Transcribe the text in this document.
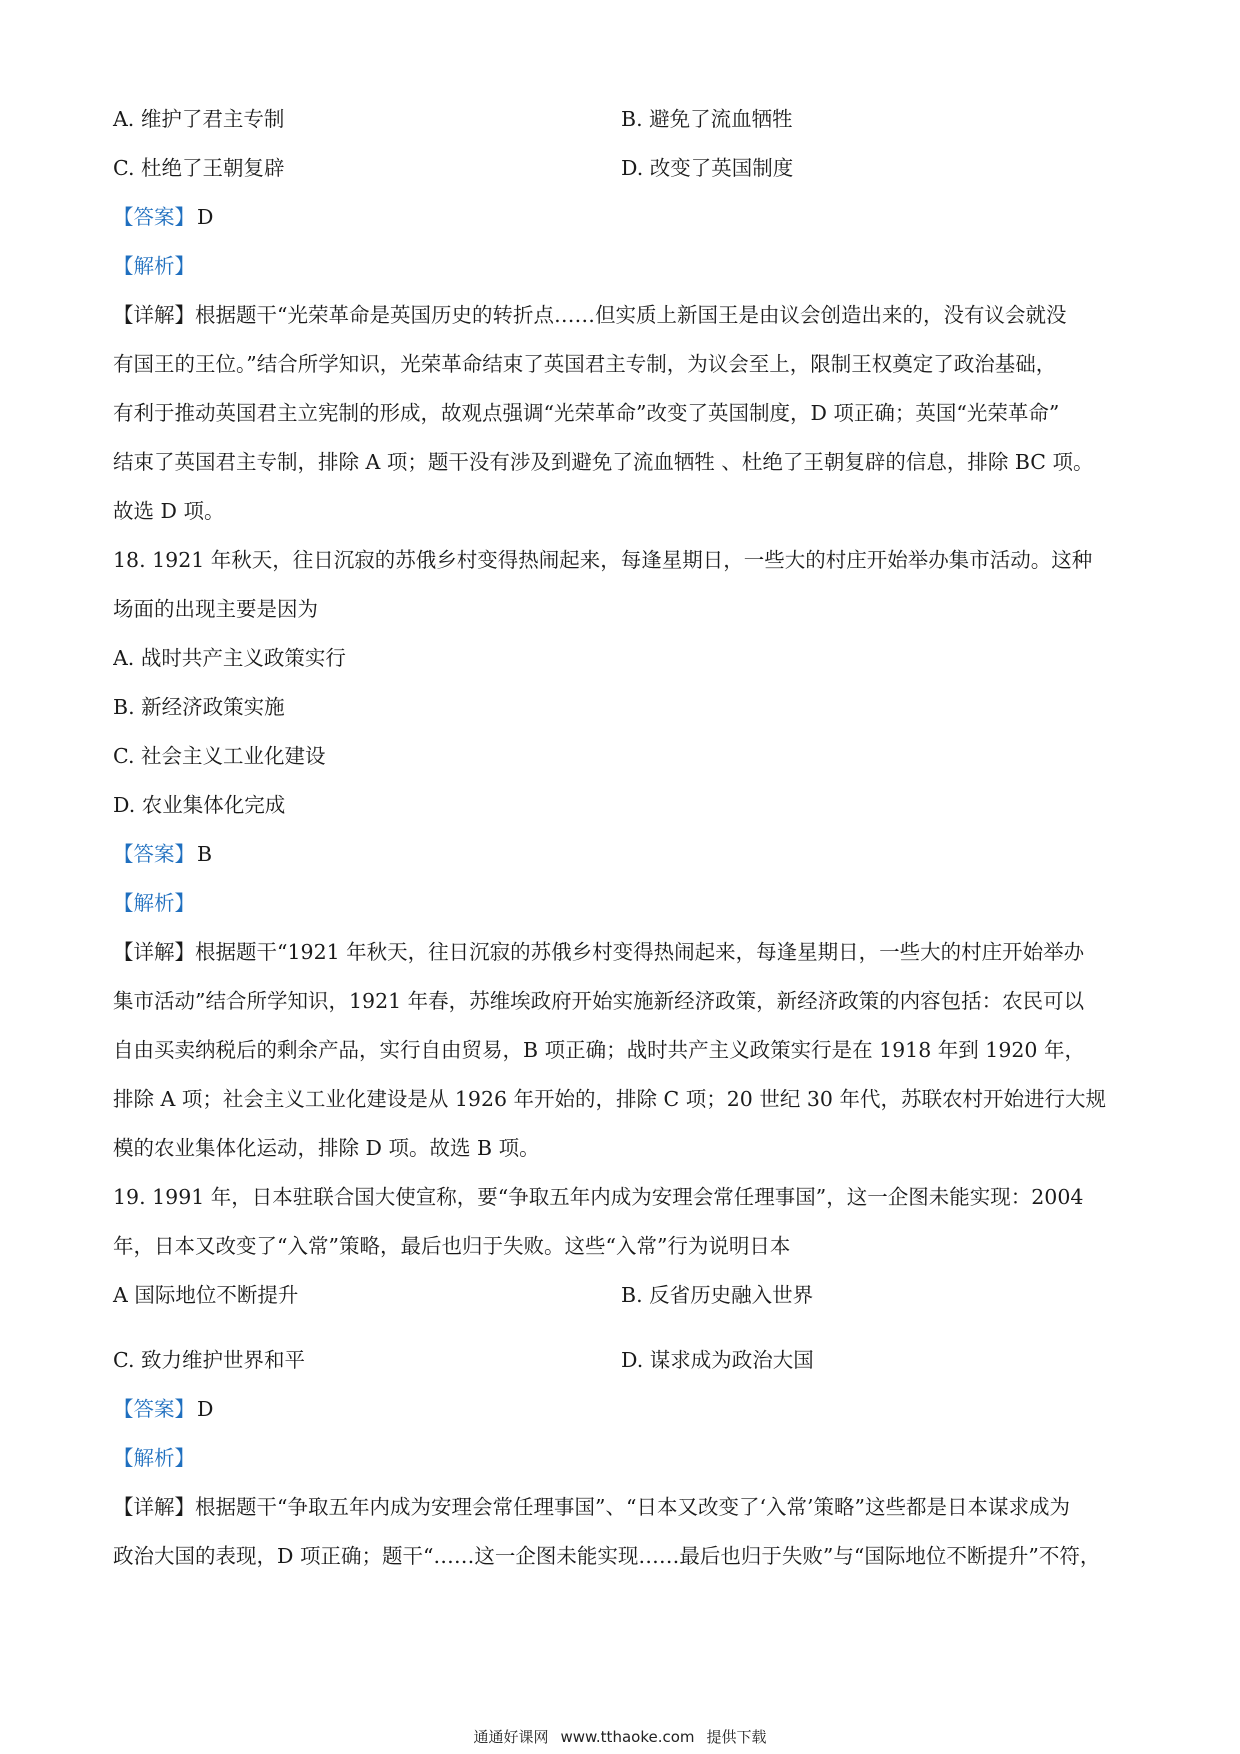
A. 维护了君主专制	B. 避免了流血牺牲
C. 杜绝了王朝复辟	D. 改变了英国制度
【答案】D
【解析】
【详解】根据题干“光荣革命是英国历史的转折点……但实质上新国王是由议会创造出来的，没有议会就没
有国王的王位。”结合所学知识，光荣革命结束了英国君主专制，为议会至上，限制王权奠定了政治基础，
有利于推动英国君主立宪制的形成，故观点强调“光荣革命”改变了英国制度，D 项正确；英国“光荣革命”
结束了英国君主专制，排除 A 项；题干没有涉及到避免了流血牺牲 、杜绝了王朝复辟的信息，排除 BC 项。
故选 D 项。
18. 1921 年秋天，往日沉寂的苏俄乡村变得热闹起来，每逢星期日，一些大的村庄开始举办集市活动。这种
场面的出现主要是因为
A. 战时共产主义政策实行
B. 新经济政策实施
C. 社会主义工业化建设
D. 农业集体化完成
【答案】B
【解析】
【详解】根据题干“1921 年秋天，往日沉寂的苏俄乡村变得热闹起来，每逢星期日，一些大的村庄开始举办
集市活动”结合所学知识，1921 年春，苏维埃政府开始实施新经济政策，新经济政策的内容包括：农民可以
自由买卖纳税后的剩余产品，实行自由贸易，B 项正确；战时共产主义政策实行是在 1918 年到 1920 年，
排除 A 项；社会主义工业化建设是从 1926 年开始的，排除 C 项；20 世纪 30 年代，苏联农村开始进行大规
模的农业集体化运动，排除 D 项。故选 B 项。
19. 1991 年，日本驻联合国大使宣称，要“争取五年内成为安理会常任理事国”，这一企图未能实现：2004
年，日本又改变了“入常”策略，最后也归于失败。这些“入常”行为说明日本
A 国际地位不断提升	B. 反省历史融入世界
C. 致力维护世界和平	D. 谋求成为政治大国
【答案】D
【解析】
【详解】根据题干“争取五年内成为安理会常任理事国”、“日本又改变了‘入常’策略”这些都是日本谋求成为
政治大国的表现，D 项正确；题干“……这一企图未能实现……最后也归于失败”与“国际地位不断提升”不符，
通通好课网 www.tthaoke.com 提供下载
